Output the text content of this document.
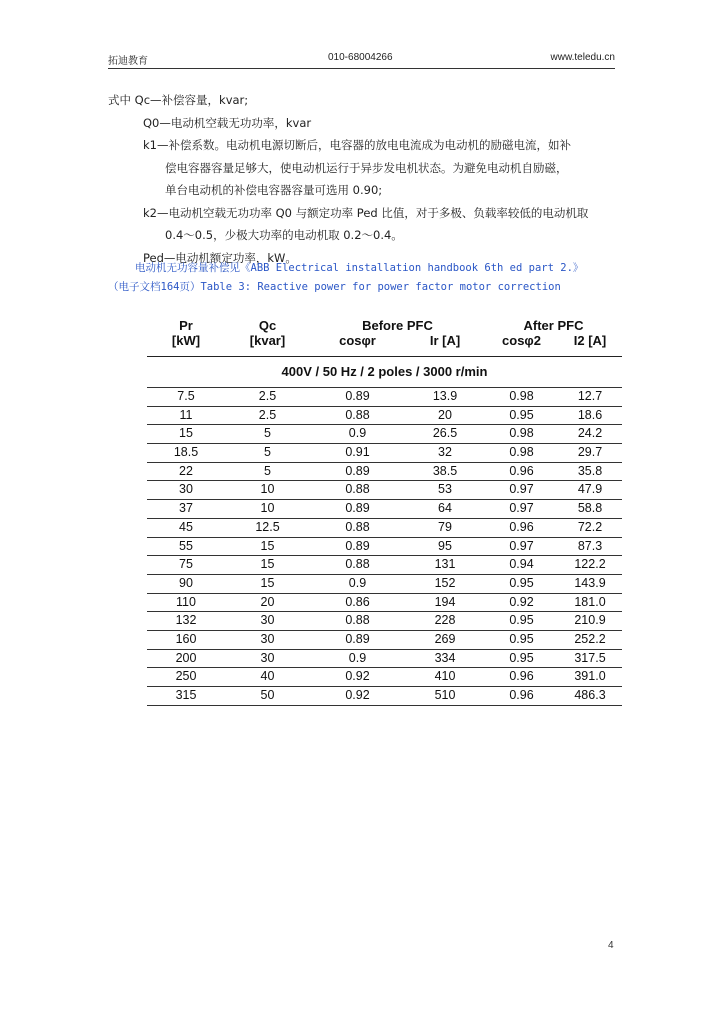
拓迪教育	010-68004266	www.teledu.cn

式中 Qc—补偿容量，kvar;

Q0—电动机空载无功功率，kvar

k1—补偿系数。电动机电源切断后，电容器的放电电流成为电动机的励磁电流，如补

偿电容器容量足够大，使电动机运行于异步发电机状态。为避免电动机自励磁，

单台电动机的补偿电容器容量可选用 0.90;

k2—电动机空载无功功率 Q0 与额定功率 Ped 比值，对于多极、负载率较低的电动机取

0.4～0.5，少极大功率的电动机取 0.2～0.4。

Ped—电动机额定功率，kW。

电动机无功容量补偿见《ABB Electrical installation handbook 6th ed part 2.》

（电子文档164页）Table 3: Reactive power for power factor motor correction

Pr
[kW]
Qc
[kvar]
Before PFC	After PFC
cosφr	Ir [A]	cosφ2	I2 [A]
400V / 50 Hz / 2 poles / 3000 r/min
7.5	2.5	0.89	13.9	0.98	12.7
11	2.5	0.88	20	0.95	18.6
15	5	0.9	26.5	0.98	24.2
18.5	5	0.91	32	0.98	29.7
22	5	0.89	38.5	0.96	35.8
30	10	0.88	53	0.97	47.9
37	10	0.89	64	0.97	58.8
45	12.5	0.88	79	0.96	72.2
55	15	0.89	95	0.97	87.3
75	15	0.88	131	0.94	122.2
90	15	0.9	152	0.95	143.9
110	20	0.86	194	0.92	181.0
132	30	0.88	228	0.95	210.9
160	30	0.89	269	0.95	252.2
200	30	0.9	334	0.95	317.5
250	40	0.92	410	0.96	391.0
315	50	0.92	510	0.96	486.3
4
